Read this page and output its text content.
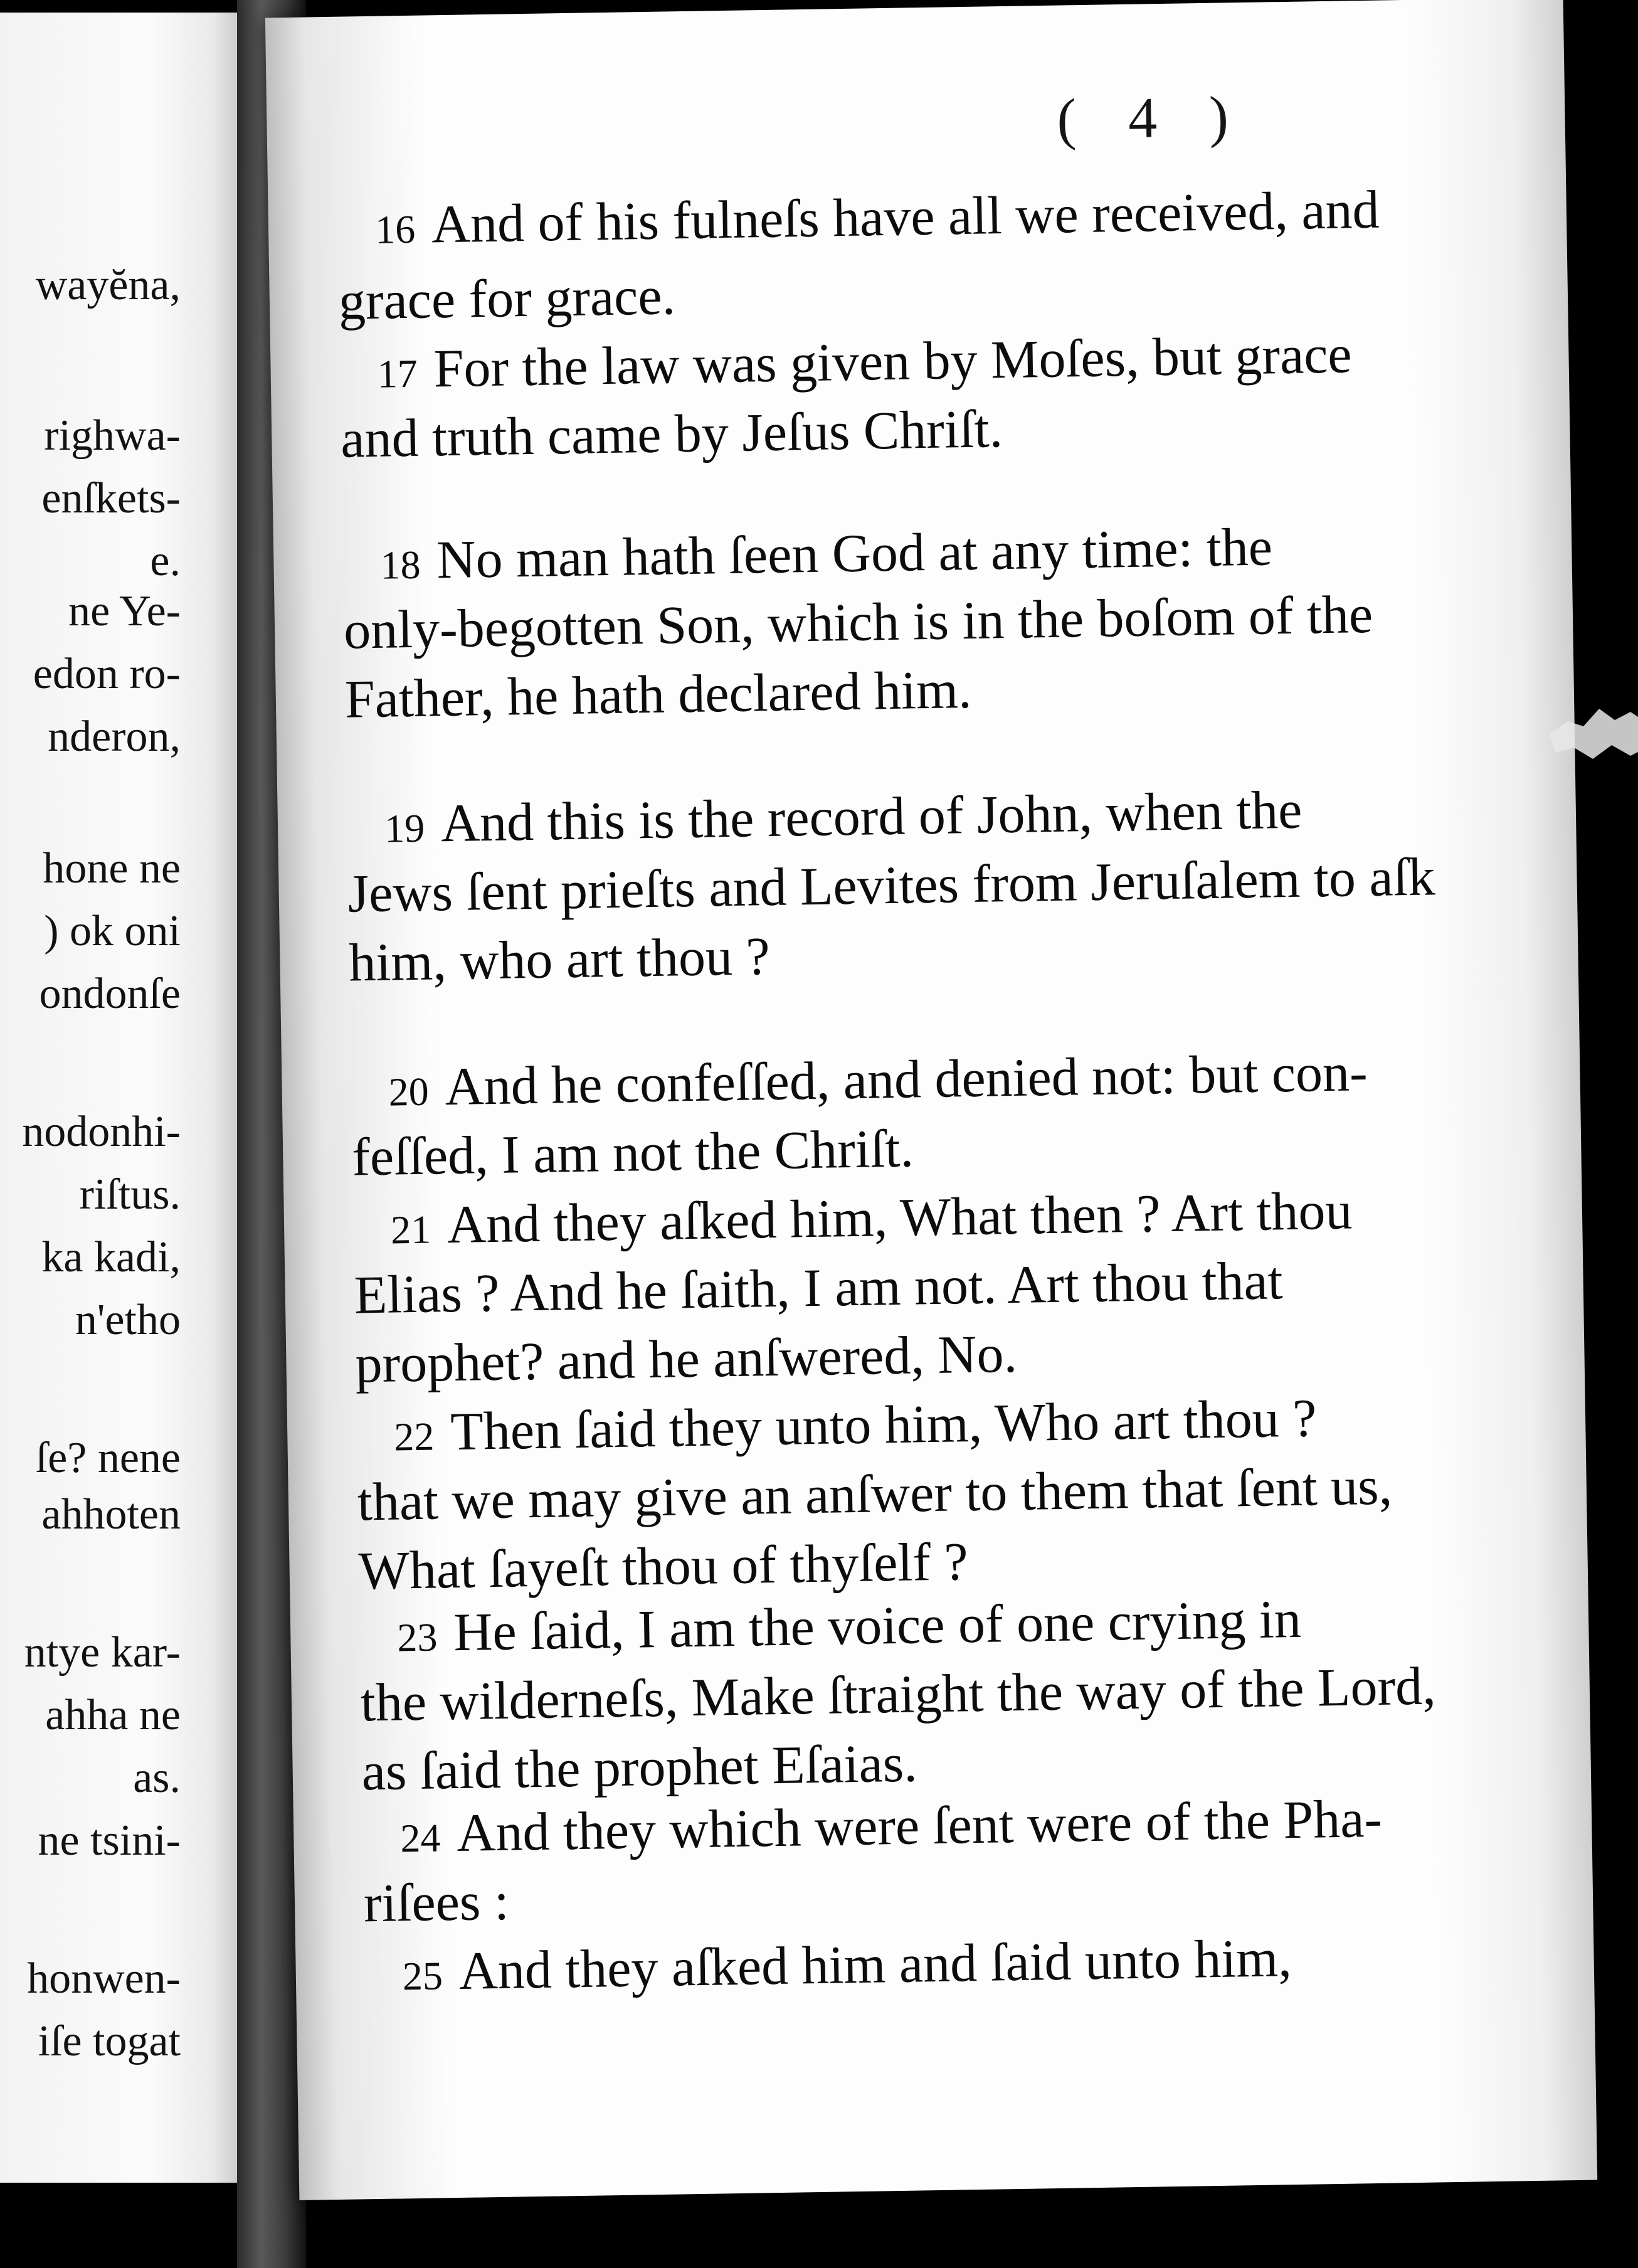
wayĕna,
righwa-
enſkets-
e.
ne Ye-
edon ro-
nderon,
hone ne
) ok oni
ondonſe
nodonhi-
riſtus.
ka kadi,
n'etho
ſe? nene
ahhoten
ntye kar-
ahha ne
as.
ne tsini-
honwen-
iſe togat
( 4 )
16 And of his fulneſs have all we received, and
grace for grace.
17 For the law was given by Moſes, but grace
and truth came by Jeſus Chriſt.
18 No man hath ſeen God at any time: the
only-begotten Son, which is in the boſom of the
Father, he hath declared him.
19 And this is the record of John, when the
Jews ſent prieſts and Levites from Jeruſalem to aſk
him, who art thou ?
20 And he confeſſed, and denied not: but con-
feſſed, I am not the Chriſt.
21 And they aſked him, What then ? Art thou
Elias ? And he ſaith, I am not. Art thou that
prophet? and he anſwered, No.
22 Then ſaid they unto him, Who art thou ?
that we may give an anſwer to them that ſent us,
What ſayeſt thou of thyſelf ?
23 He ſaid, I am the voice of one crying in
the wilderneſs, Make ſtraight the way of the Lord,
as ſaid the prophet Eſaias.
24 And they which were ſent were of the Pha-
riſees :
25 And they aſked him and ſaid unto him,
